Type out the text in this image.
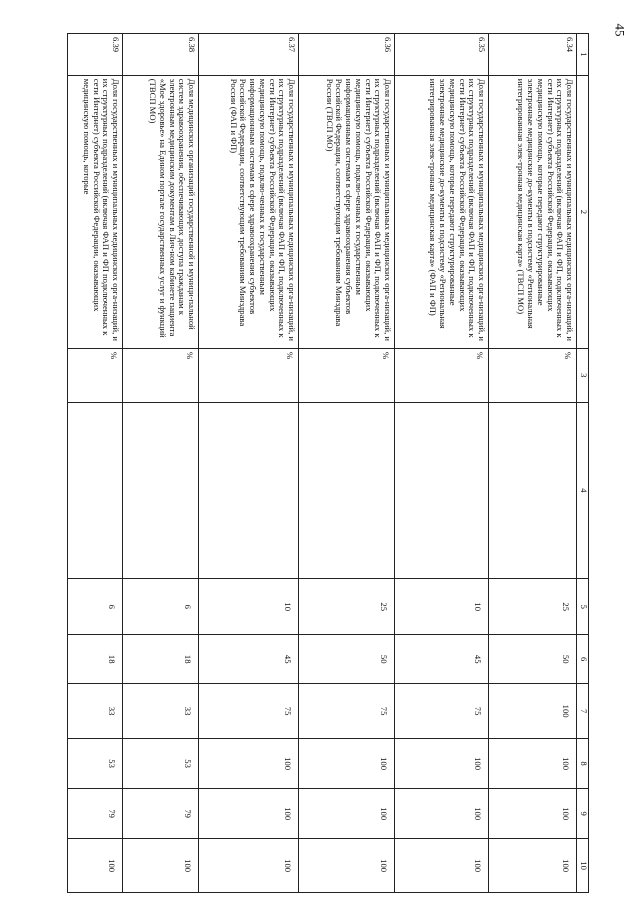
45
1	2	3	4	5	6	7	8	9	10
6.34	Доля государственных и муниципальных медицинских орга-низаций, и их структурных подразделений (включая ФАП и ФП, подключенных к сети Интернет) субъекта Российской Федерации, оказывающих медицинскую помощь, которые передают структурированные электронные медицинские до-кументы в подсистему «Региональная интегрированная элек-тронная медицинская карта» (ТВСП МО)	%		25	50	100	100	100	100
6.35	Доля государственных и муниципальных медицинских орга-низаций, и их структурных подразделений (включая ФАП и ФП, подключенных к сети Интернет) субъекта Российской Федерации, оказывающих медицинскую помощь, которые передают структурированные электронные медицинские до-кументы в подсистему «Региональная интегрированная элек-тронная медицинская карта» (ФАП и ФП)	%		10	45	75	100	100	100
6.36	Доля государственных и муниципальных медицинских орга-низаций, и их структурных подразделений (включая ФАП и ФП, подключенных к сети Интернет) субъекта Российской Федерации, оказывающих медицинскую помощь, подклю-ченных к государственным информационным системам в сфере здравоохранения субъектов Российской Федерации, соответствующим требованиям Минздрава России (ТВСП МО)	%		25	50	75	100	100	100
6.37	Доля государственных и муниципальных медицинских орга-низаций, и их структурных подразделений (включая ФАП и ФП, подключенных к сети Интернет) субъекта Российской Федерации, оказывающих медицинскую помощь, подклю-ченных к государственным информационным системам в сфере здравоохранения субъектов Российской Федерации, соответствующим требованиям Минздрава России (ФАП и ФП)	%		10	45	75	100	100	100
6.38	Доля медицинских организаций государственной и муници-пальной систем здравоохранения, обеспечивающих доступа гражданам к электронным медицинским документам в Лич-ном кабинете пациента «Мое здоровье» на Едином портале государственных услуг и функций (ТВСП МО)	%		6	18	33	53	79	100
6.39	Доля государственных и муниципальных медицинских орга-низаций, и их структурных подразделений (включая ФАП и ФП подключенных к сети Интернет) субъекта Российской Федерации, оказывающих медицинскую помощь, которые	%		6	18	33	53	79	100
